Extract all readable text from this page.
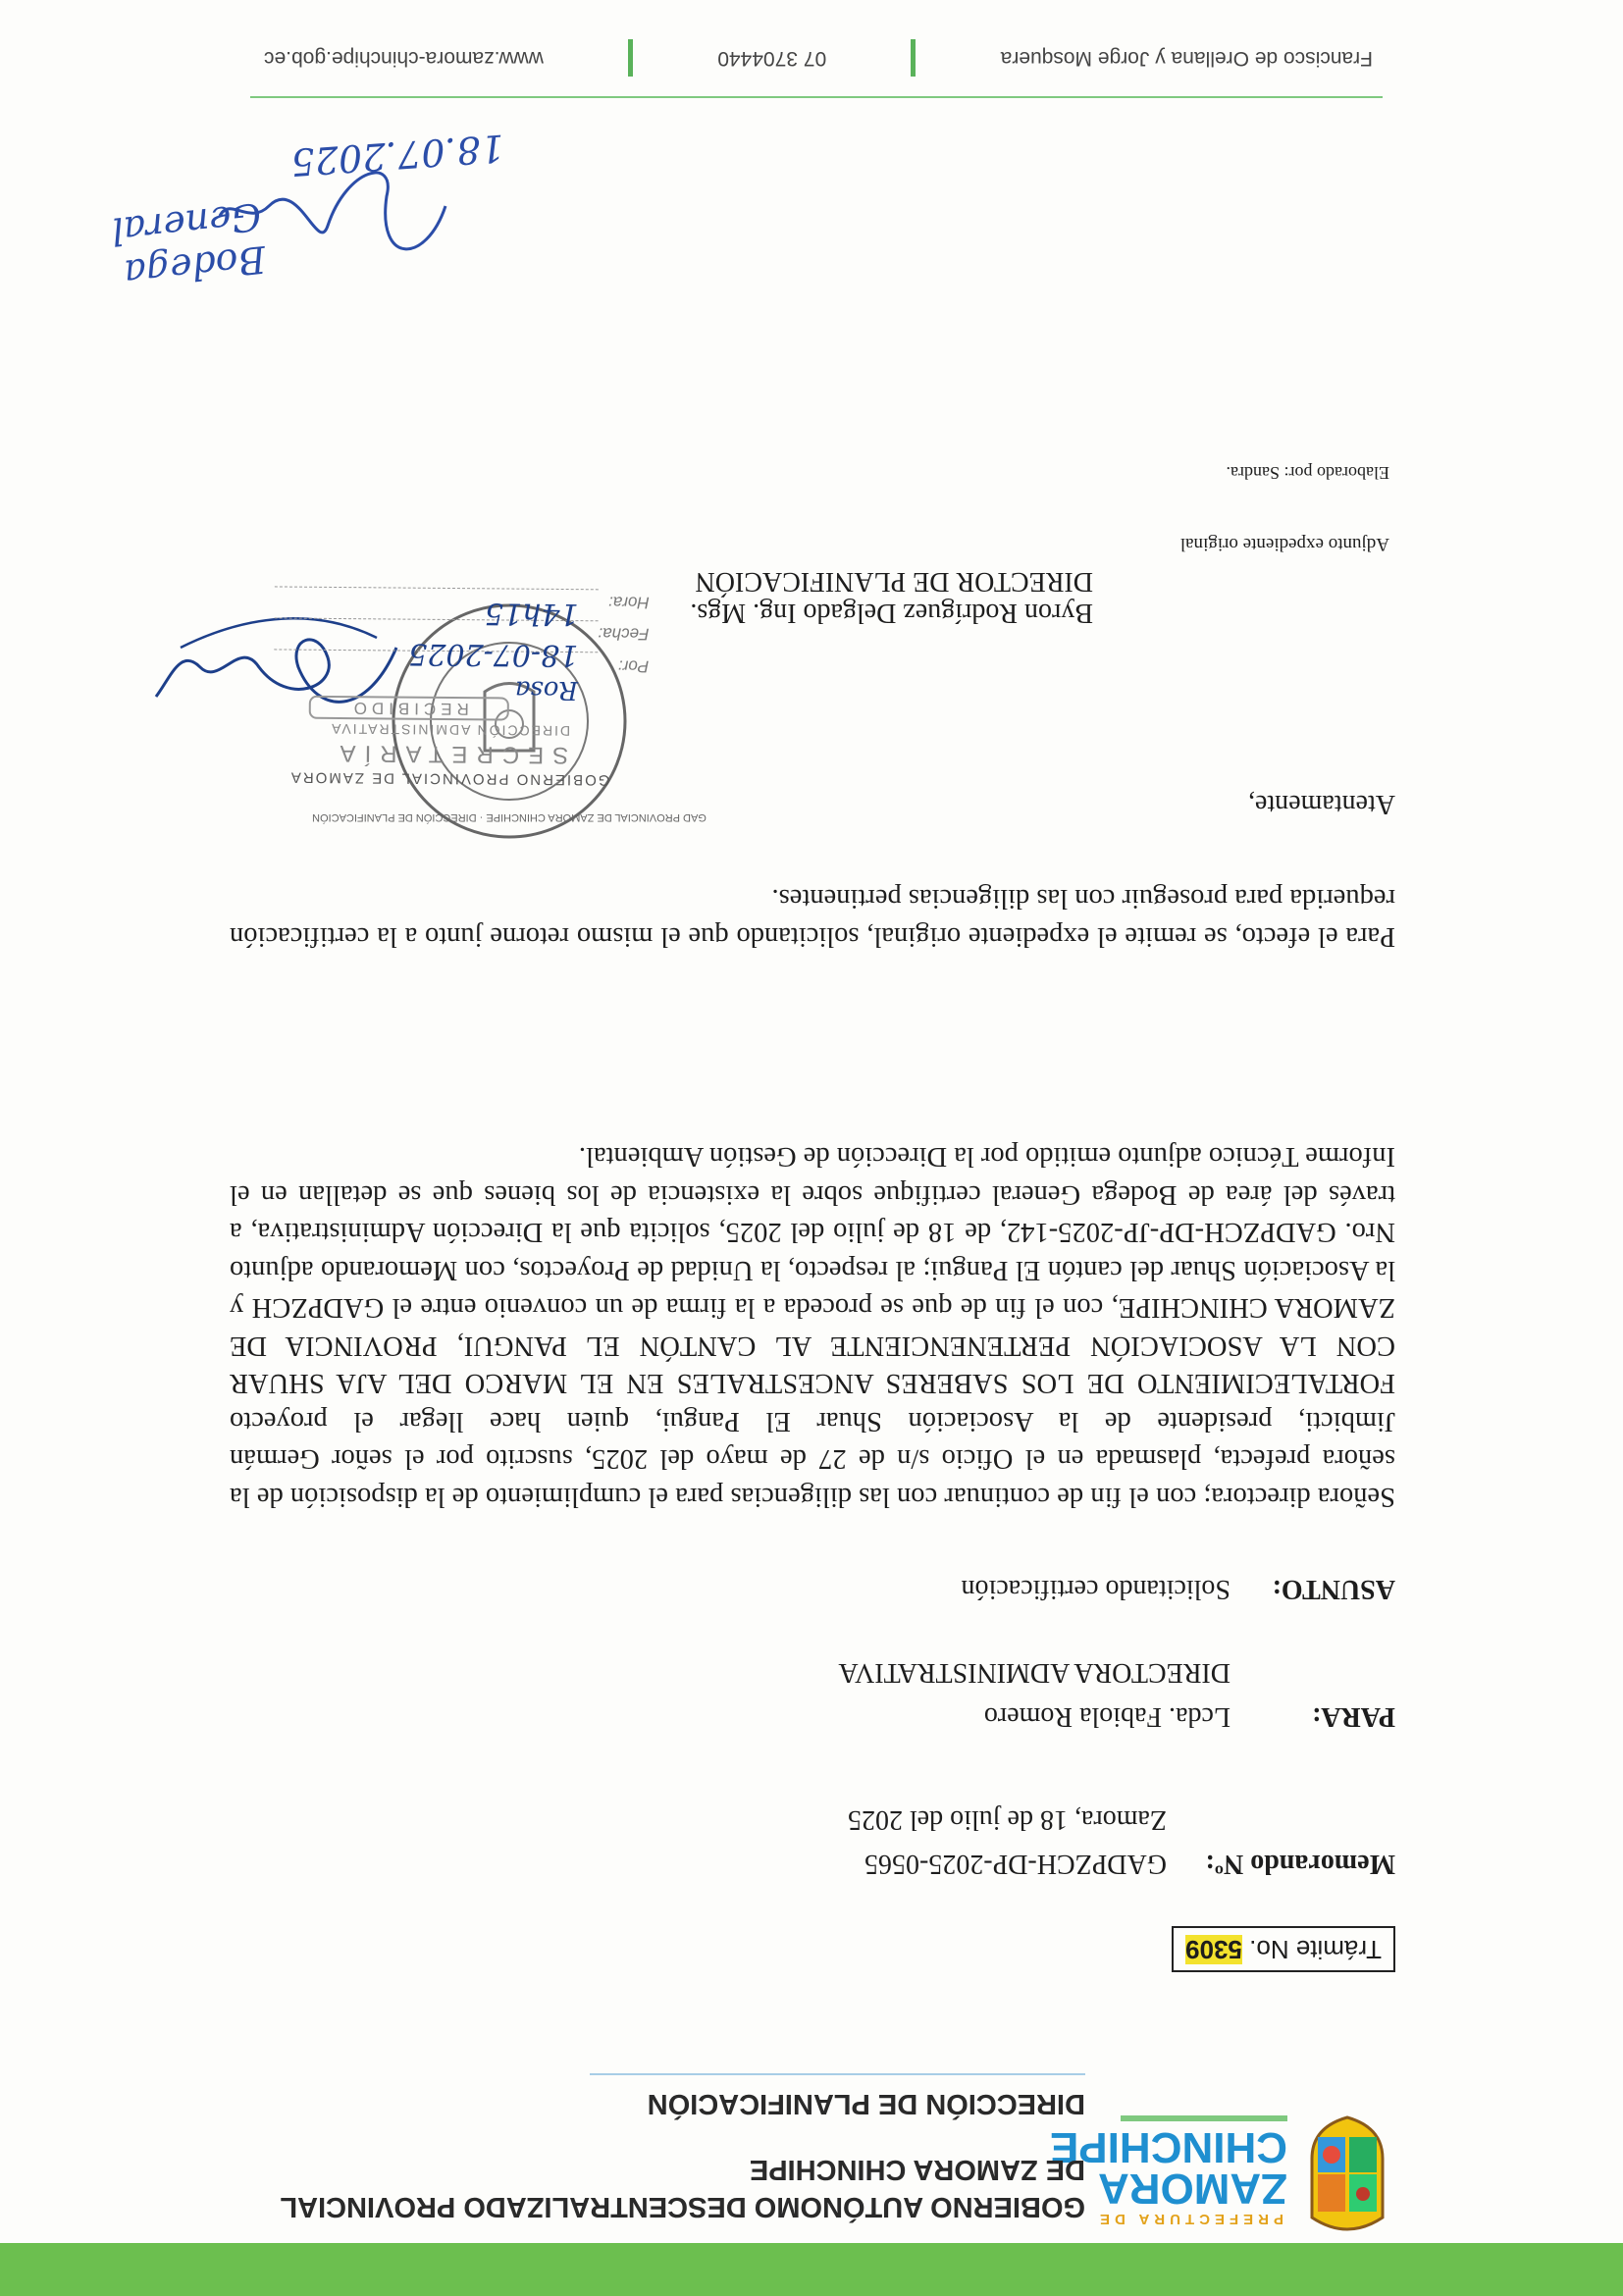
PREFECTURA DE
ZAMORA
CHINCHIPE
GOBIERNO AUTÓNOMO DESCENTRALIZADO PROVINCIAL
DE ZAMORA CHINCHIPE
DIRECCIÓN DE PLANIFICACIÓN
Trámite No. 5309
Memorando Nº:
GADPZCH-DP-2025-0565
Zamora, 18 de julio del 2025
PARA:
Lcda. Fabiola Romero
DIRECTORA ADMINISTRATIVA
ASUNTO:
Solicitando certificación
Señora directora; con el fin de continuar con las diligencias para el cumplimiento de la disposición de la señora prefecta, plasmada en el Oficio s/n de 27 de mayo del 2025, suscrito por el señor Germán Jimbicti, presidente de la Asociación Shuar El Pangui, quien hace llegar el proyecto FORTALECIMIENTO DE LOS SABERES ANCESTRALES EN EL MARCO DEL AJA SHUAR CON LA ASOCIACIÓN PERTENENCIENTE AL CANTÓN EL PANGUI, PROVINCIA DE ZAMORA CHINCHIPE, con el fin de que se proceda a la firma de un convenio entre el GADPZCH y la Asociación Shuar del cantón El Pangui; al respecto, la Unidad de Proyectos, con Memorando adjunto Nro. GADPZCH-DP-JP-2025-142, de 18 de julio del 2025, solicita que la Dirección Administrativa, a través del área de Bodega General certifique sobre la existencia de los bienes que se detallan en el Informe Técnico adjunto emitido por la Dirección de Gestión Ambiental.
Para el efecto, se remite el expediente original, solicitando que el mismo retorne junto a la certificación requerida para proseguir con las diligencias pertinentes.
Atentamente,
GAD PROVINCIAL DE ZAMORA CHINCHIPE · DIRECCIÓN DE PLANIFICACIÓN
GOBIERNO PROVINCIAL DE ZAMORA
SECRETARÍA
DIRECCIÓN ADMINISTRATIVA
RECIBIDO
Por:
Fecha:
Hora:
Rosa
18-07-2025
14h15	Byron Rodríguez Delgado Ing. Mgs.
DIRECTOR DE PLANIFICACIÓN
Adjunto expediente original
Elaborado por: Sandra.
Bodega General
18.07.2025
Francisco de Orellana y Jorge Mosquera
07 3704440
www.zamora-chinchipe.gob.ec
